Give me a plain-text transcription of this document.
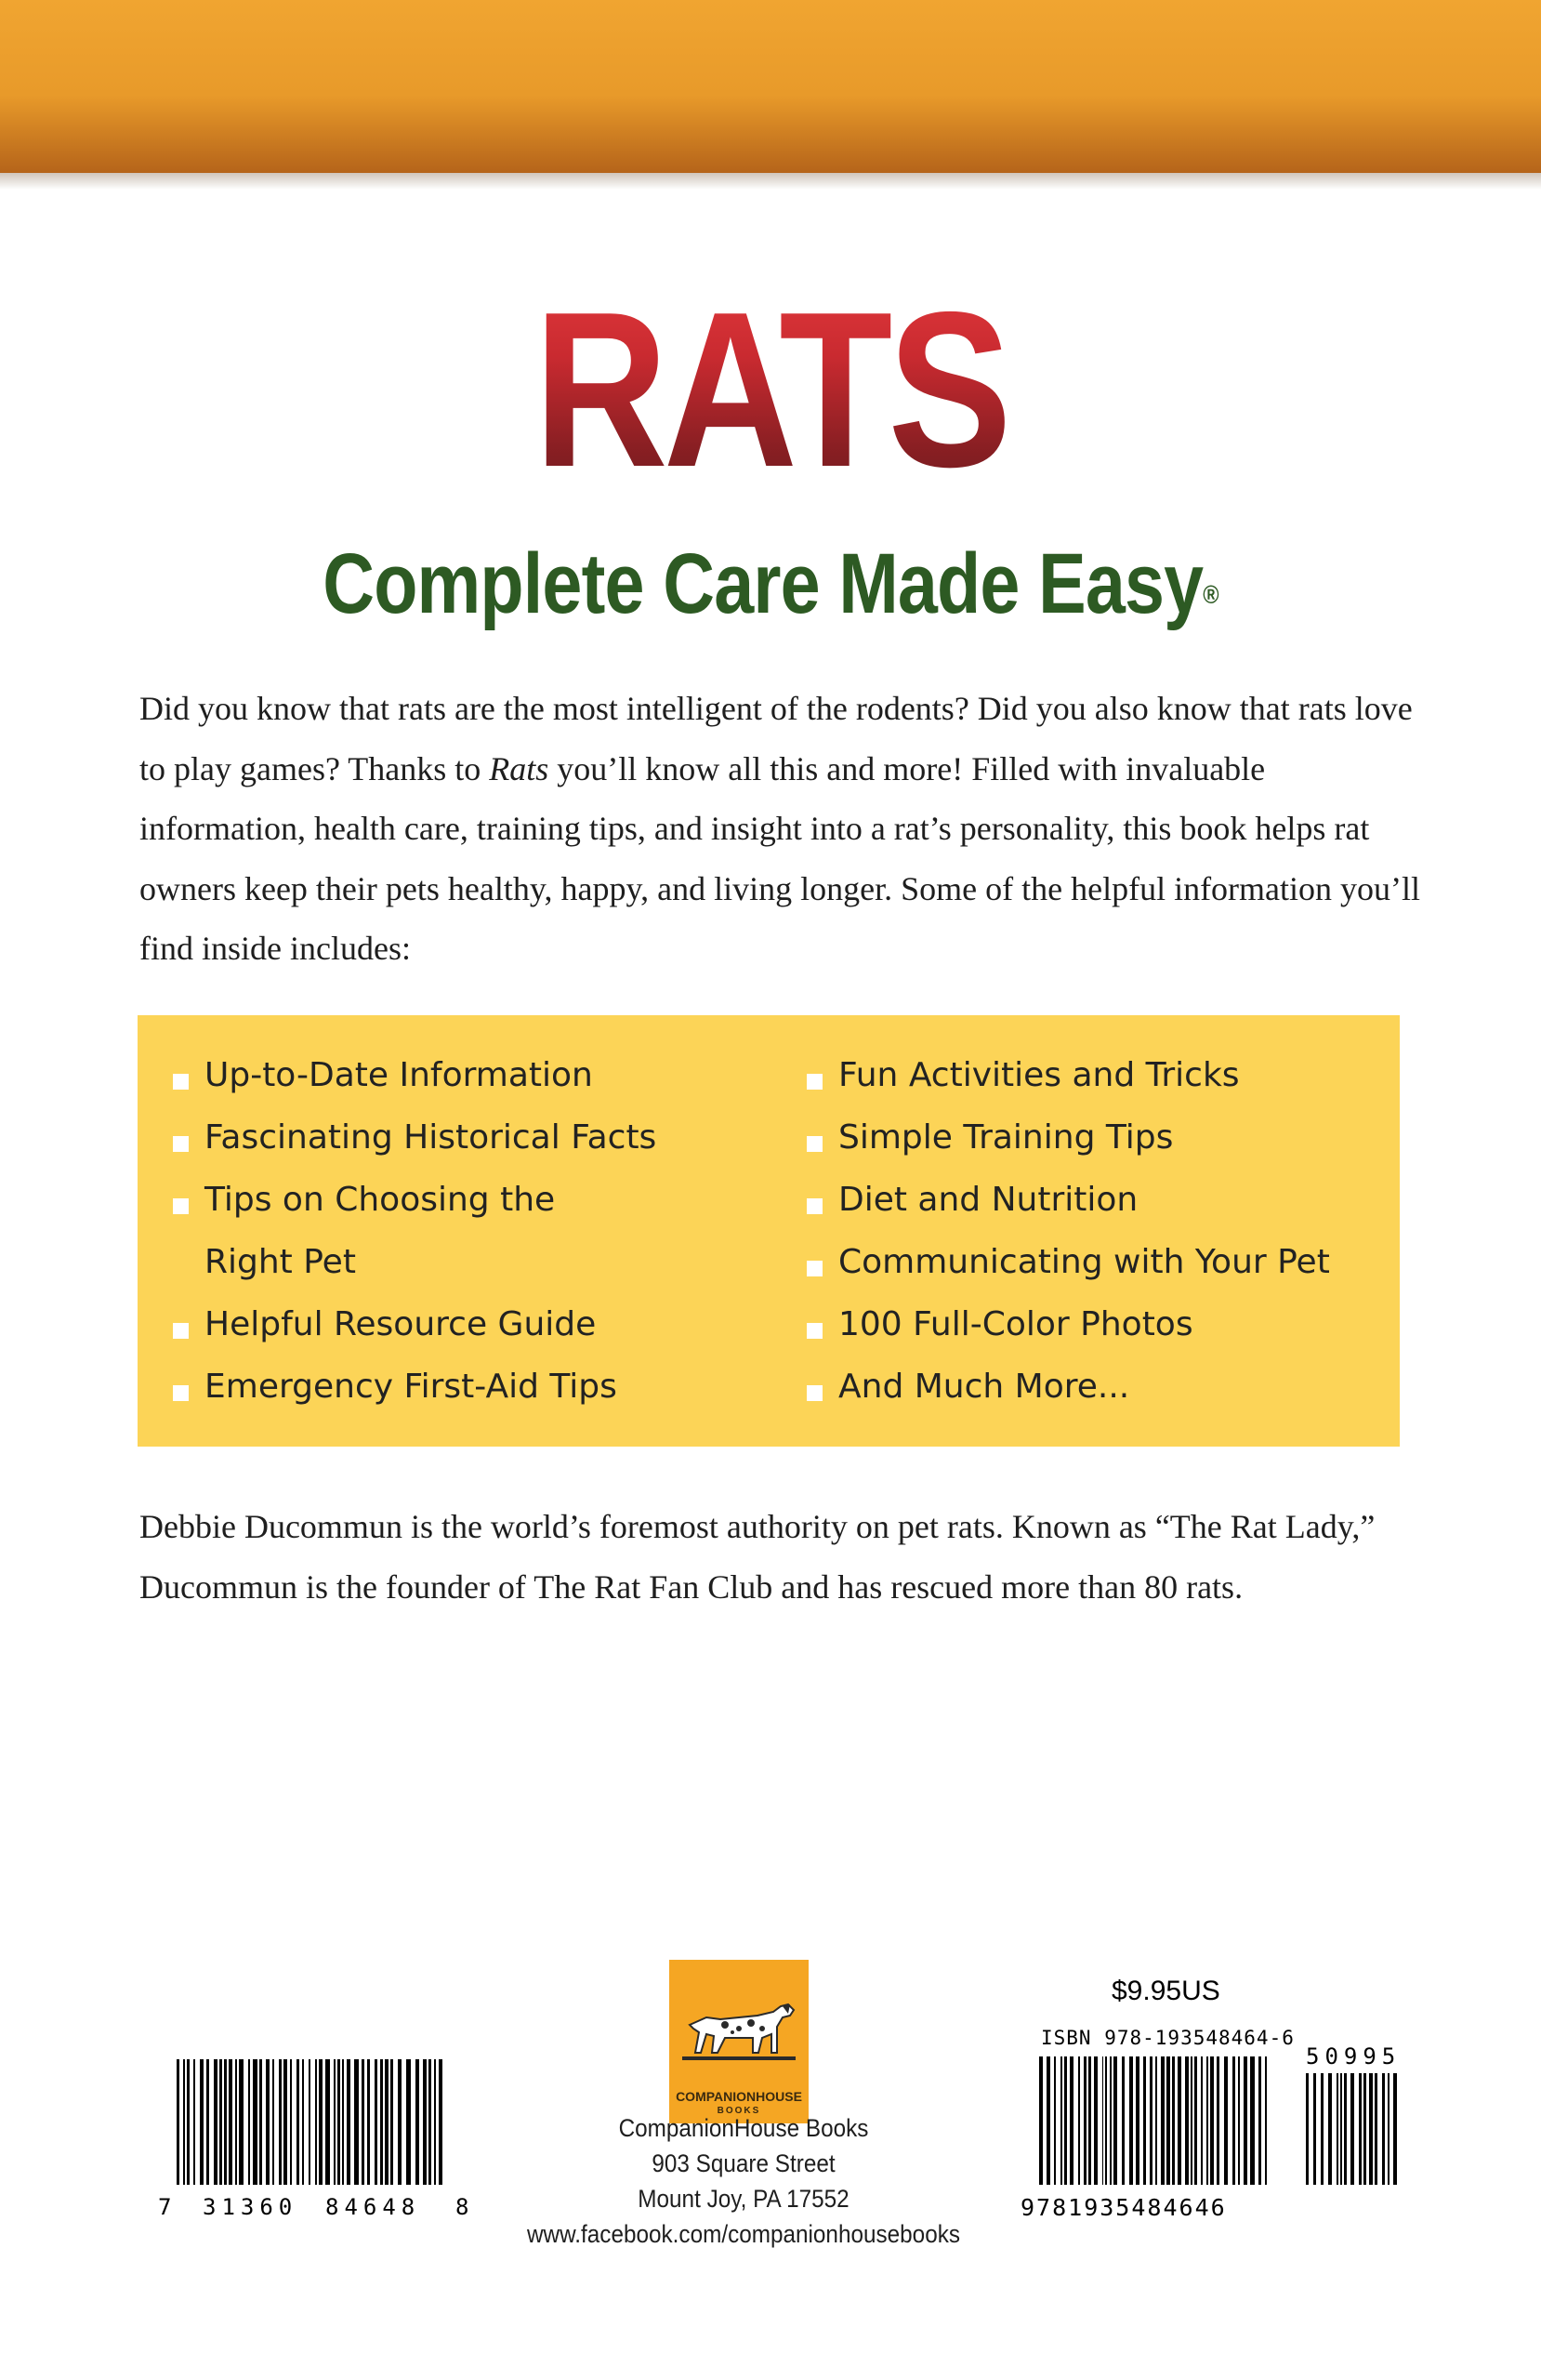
RATS
Complete Care Made Easy®
Did you know that rats are the most intelligent of the rodents? Did you also know that rats love to play games? Thanks to Rats you’ll know all this and more! Filled with invaluable information, health care, training tips, and insight into a rat’s personality, this book helps rat owners keep their pets healthy, happy, and living longer. Some of the helpful information you’ll find inside includes:
Up-to-Date Information
Fascinating Historical Facts
Tips on Choosing the
Right Pet
Helpful Resource Guide
Emergency First-Aid Tips
Fun Activities and Tricks
Simple Training Tips
Diet and Nutrition
Communicating with Your Pet
100 Full-Color Photos
And Much More...
Debbie Ducommun is the world’s foremost authority on pet rats. Known as “The Rat Lady,” Ducommun is the founder of The Rat Fan Club and has rescued more than 80 rats.
7 31360 84648 8
COMPANIONHOUSE
BOOKS
CompanionHouse Books
903 Square Street
Mount Joy, PA 17552
www.facebook.com/companionhousebooks
$9.95US
ISBN 978-193548464-6
50995
9781935484646
